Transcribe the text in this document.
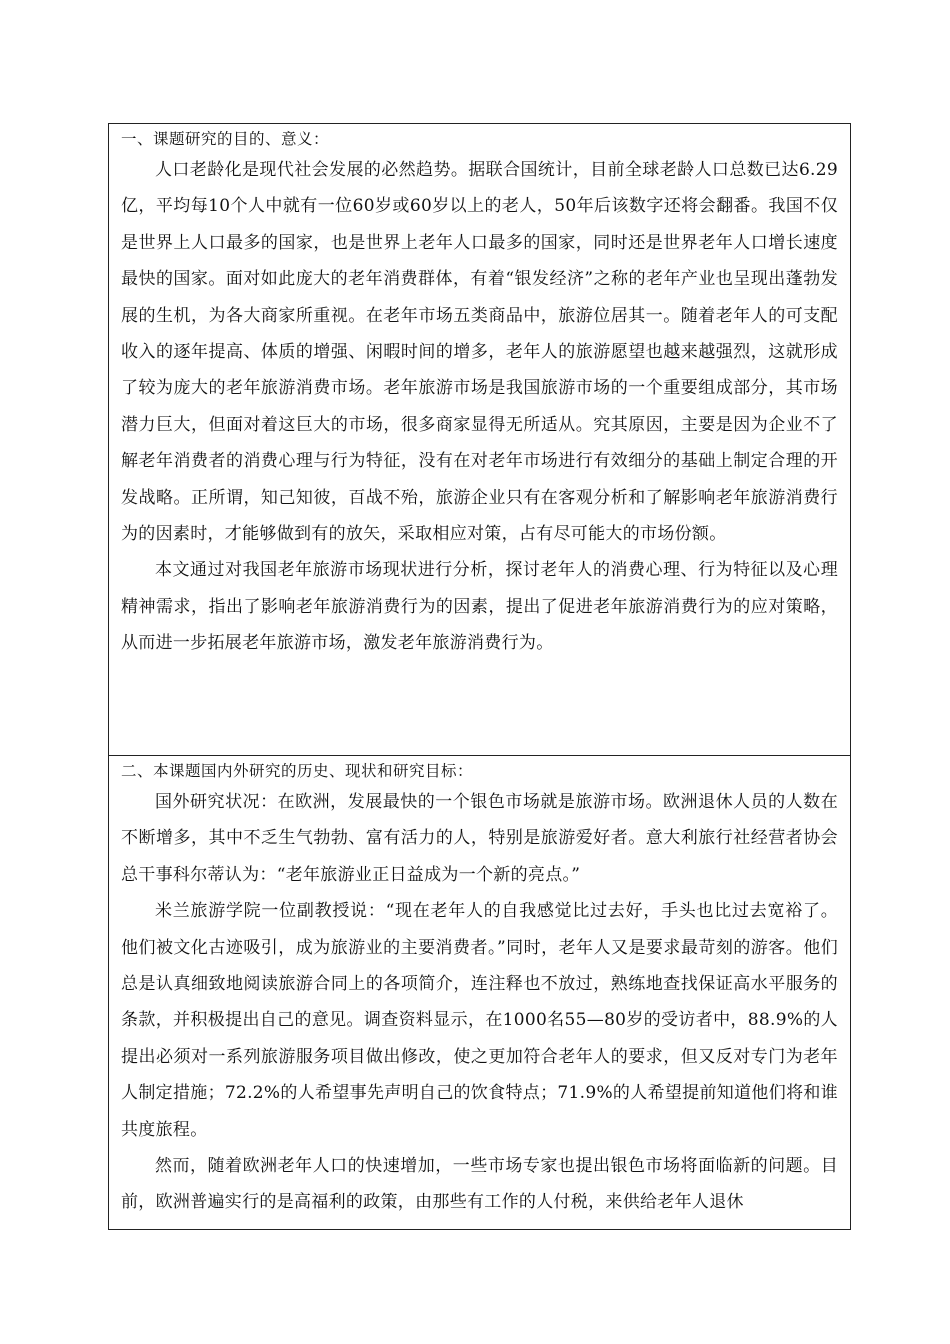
一、课题研究的目的、意义：

人口老龄化是现代社会发展的必然趋势。据联合国统计，目前全球老龄人口总数已达6.29亿，平均每10个人中就有一位60岁或60岁以上的老人，50年后该数字还将会翻番。我国不仅是世界上人口最多的国家，也是世界上老年人口最多的国家，同时还是世界老年人口增长速度最快的国家。面对如此庞大的老年消费群体，有着“银发经济”之称的老年产业也呈现出蓬勃发展的生机，为各大商家所重视。在老年市场五类商品中，旅游位居其一。随着老年人的可支配收入的逐年提高、体质的增强、闲暇时间的增多，老年人的旅游愿望也越来越强烈，这就形成了较为庞大的老年旅游消费市场。老年旅游市场是我国旅游市场的一个重要组成部分，其市场潜力巨大，但面对着这巨大的市场，很多商家显得无所适从。究其原因，主要是因为企业不了解老年消费者的消费心理与行为特征，没有在对老年市场进行有效细分的基础上制定合理的开发战略。正所谓，知己知彼，百战不殆，旅游企业只有在客观分析和了解影响老年旅游消费行为的因素时，才能够做到有的放矢，采取相应对策，占有尽可能大的市场份额。

本文通过对我国老年旅游市场现状进行分析，探讨老年人的消费心理、行为特征以及心理精神需求，指出了影响老年旅游消费行为的因素，提出了促进老年旅游消费行为的应对策略，从而进一步拓展老年旅游市场，激发老年旅游消费行为。

二、本课题国内外研究的历史、现状和研究目标：

国外研究状况：在欧洲，发展最快的一个银色市场就是旅游市场。欧洲退休人员的人数在不断增多，其中不乏生气勃勃、富有活力的人，特别是旅游爱好者。意大利旅行社经营者协会总干事科尔蒂认为：“老年旅游业正日益成为一个新的亮点。”

米兰旅游学院一位副教授说：“现在老年人的自我感觉比过去好，手头也比过去宽裕了。他们被文化古迹吸引，成为旅游业的主要消费者。”同时，老年人又是要求最苛刻的游客。他们总是认真细致地阅读旅游合同上的各项简介，连注释也不放过，熟练地查找保证高水平服务的条款，并积极提出自己的意见。调查资料显示，在1000名55—80岁的受访者中，88.9%的人提出必须对一系列旅游服务项目做出修改，使之更加符合老年人的要求，但又反对专门为老年人制定措施；72.2%的人希望事先声明自己的饮食特点；71.9%的人希望提前知道他们将和谁共度旅程。

然而，随着欧洲老年人口的快速增加，一些市场专家也提出银色市场将面临新的问题。目前，欧洲普遍实行的是高福利的政策，由那些有工作的人付税，来供给老年人退休
